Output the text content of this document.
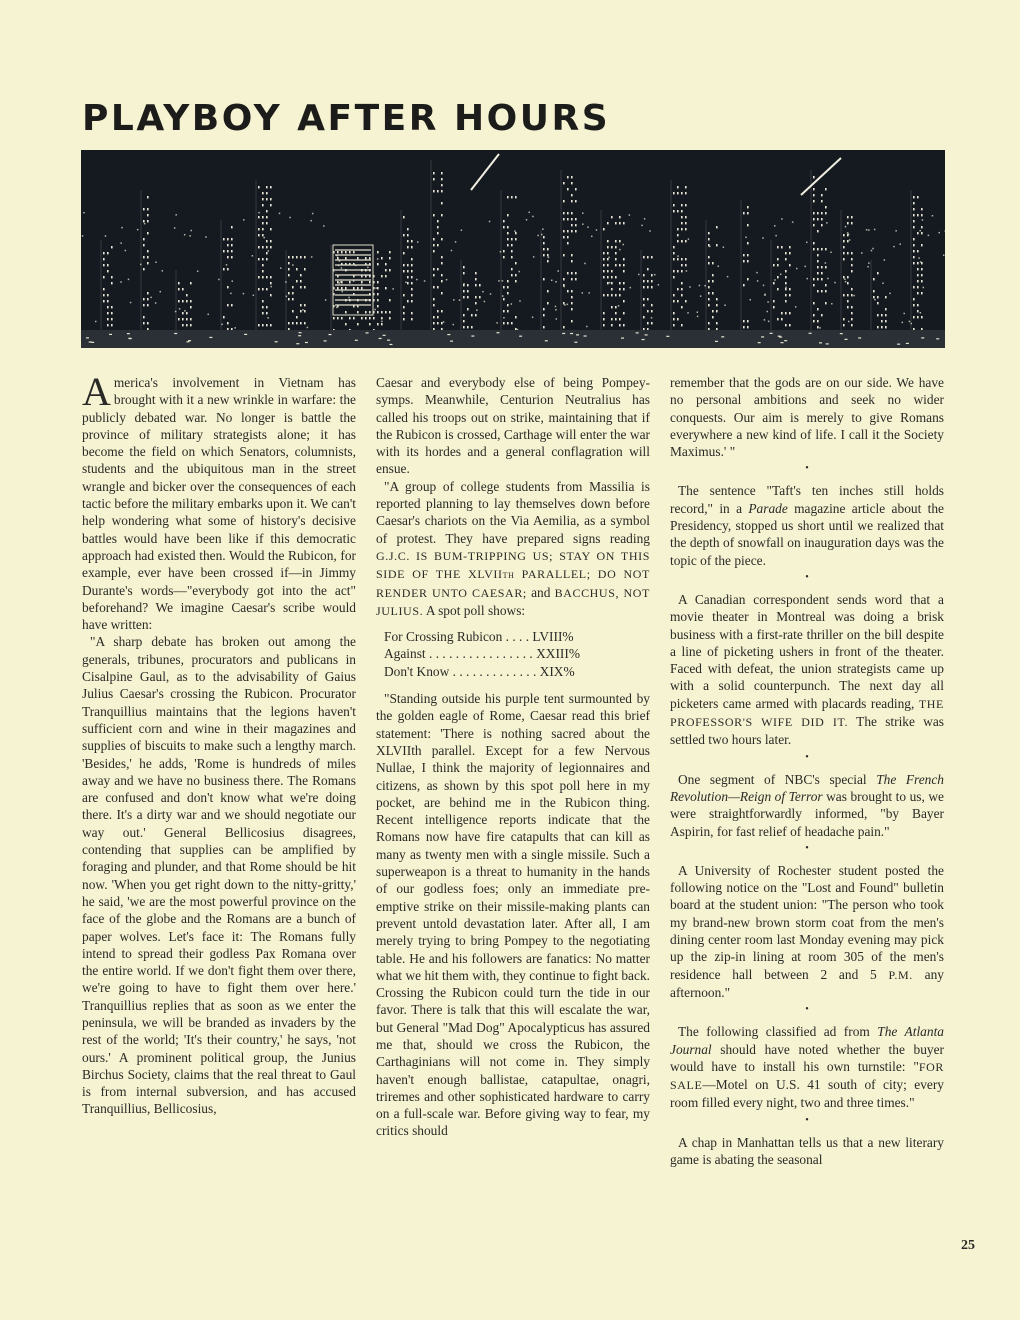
PLAYBOY AFTER HOURS

America's involvement in Vietnam has brought with it a new wrinkle in warfare: the publicly debated war. No longer is battle the province of military strategists alone; it has become the field on which Senators, columnists, students and the ubiquitous man in the street wrangle and bicker over the consequences of each tactic before the military embarks upon it. We can't help wondering what some of history's decisive battles would have been like if this democratic approach had existed then. Would the Rubicon, for example, ever have been crossed if—in Jimmy Durante's words—"everybody got into the act" beforehand? We imagine Caesar's scribe would have written:

"A sharp debate has broken out among the generals, tribunes, procurators and publicans in Cisalpine Gaul, as to the advisability of Gaius Julius Caesar's crossing the Rubicon. Procurator Tranquillius maintains that the legions haven't sufficient corn and wine in their magazines and supplies of biscuits to make such a lengthy march. 'Besides,' he adds, 'Rome is hundreds of miles away and we have no business there. The Romans are confused and don't know what we're doing there. It's a dirty war and we should negotiate our way out.' General Bellicosius disagrees, contending that supplies can be amplified by foraging and plunder, and that Rome should be hit now. 'When you get right down to the nitty-gritty,' he said, 'we are the most powerful province on the face of the globe and the Romans are a bunch of paper wolves. Let's face it: The Romans fully intend to spread their godless Pax Romana over the entire world. If we don't fight them over there, we're going to have to fight them over here.' Tranquillius replies that as soon as we enter the peninsula, we will be branded as invaders by the rest of the world; 'It's their country,' he says, 'not ours.' A prominent political group, the Junius Birchus Society, claims that the real threat to Gaul is from internal subversion, and has accused Tranquillius, Bellicosius,

Caesar and everybody else of being Pompey-symps. Meanwhile, Centurion Neutralius has called his troops out on strike, maintaining that if the Rubicon is crossed, Carthage will enter the war with its hordes and a general conflagration will ensue.

"A group of college students from Massilia is reported planning to lay themselves down before Caesar's chariots on the Via Aemilia, as a symbol of protest. They have prepared signs reading G.J.C. IS BUM-TRIPPING US; STAY ON THIS SIDE OF THE XLVIIth PARALLEL; DO NOT RENDER UNTO CAESAR; and BACCHUS, NOT JULIUS. A spot poll shows:

For Crossing Rubicon . . . . LVIII%
Against . . . . . . . . . . . . . . . . XXIII%
Don't Know . . . . . . . . . . . . . XIX%

"Standing outside his purple tent surmounted by the golden eagle of Rome, Caesar read this brief statement: 'There is nothing sacred about the XLVIIth parallel. Except for a few Nervous Nullae, I think the majority of legionnaires and citizens, as shown by this spot poll here in my pocket, are behind me in the Rubicon thing. Recent intelligence reports indicate that the Romans now have fire catapults that can kill as many as twenty men with a single missile. Such a superweapon is a threat to humanity in the hands of our godless foes; only an immediate pre-emptive strike on their missile-making plants can prevent untold devastation later. After all, I am merely trying to bring Pompey to the negotiating table. He and his followers are fanatics: No matter what we hit them with, they continue to fight back. Crossing the Rubicon could turn the tide in our favor. There is talk that this will escalate the war, but General "Mad Dog" Apocalypticus has assured me that, should we cross the Rubicon, the Carthaginians will not come in. They simply haven't enough ballistae, catapultae, onagri, triremes and other sophisticated hardware to carry on a full-scale war. Before giving way to fear, my critics should

remember that the gods are on our side. We have no personal ambitions and seek no wider conquests. Our aim is merely to give Romans everywhere a new kind of life. I call it the Society Maximus.' "

•

The sentence "Taft's ten inches still holds record," in a Parade magazine article about the Presidency, stopped us short until we realized that the depth of snowfall on inauguration days was the topic of the piece.

•

A Canadian correspondent sends word that a movie theater in Montreal was doing a brisk business with a first-rate thriller on the bill despite a line of picketing ushers in front of the theater. Faced with defeat, the union strategists came up with a solid counterpunch. The next day all picketers came armed with placards reading, THE PROFESSOR'S WIFE DID IT. The strike was settled two hours later.

•

One segment of NBC's special The French Revolution—Reign of Terror was brought to us, we were straightforwardly informed, "by Bayer Aspirin, for fast relief of headache pain."

•

A University of Rochester student posted the following notice on the "Lost and Found" bulletin board at the student union: "The person who took my brand-new brown storm coat from the men's dining center room last Monday evening may pick up the zip-in lining at room 305 of the men's residence hall between 2 and 5 P.M. any afternoon."

•

The following classified ad from The Atlanta Journal should have noted whether the buyer would have to install his own turnstile: "FOR SALE—Motel on U.S. 41 south of city; every room filled every night, two and three times."

•

A chap in Manhattan tells us that a new literary game is abating the seasonal

25
